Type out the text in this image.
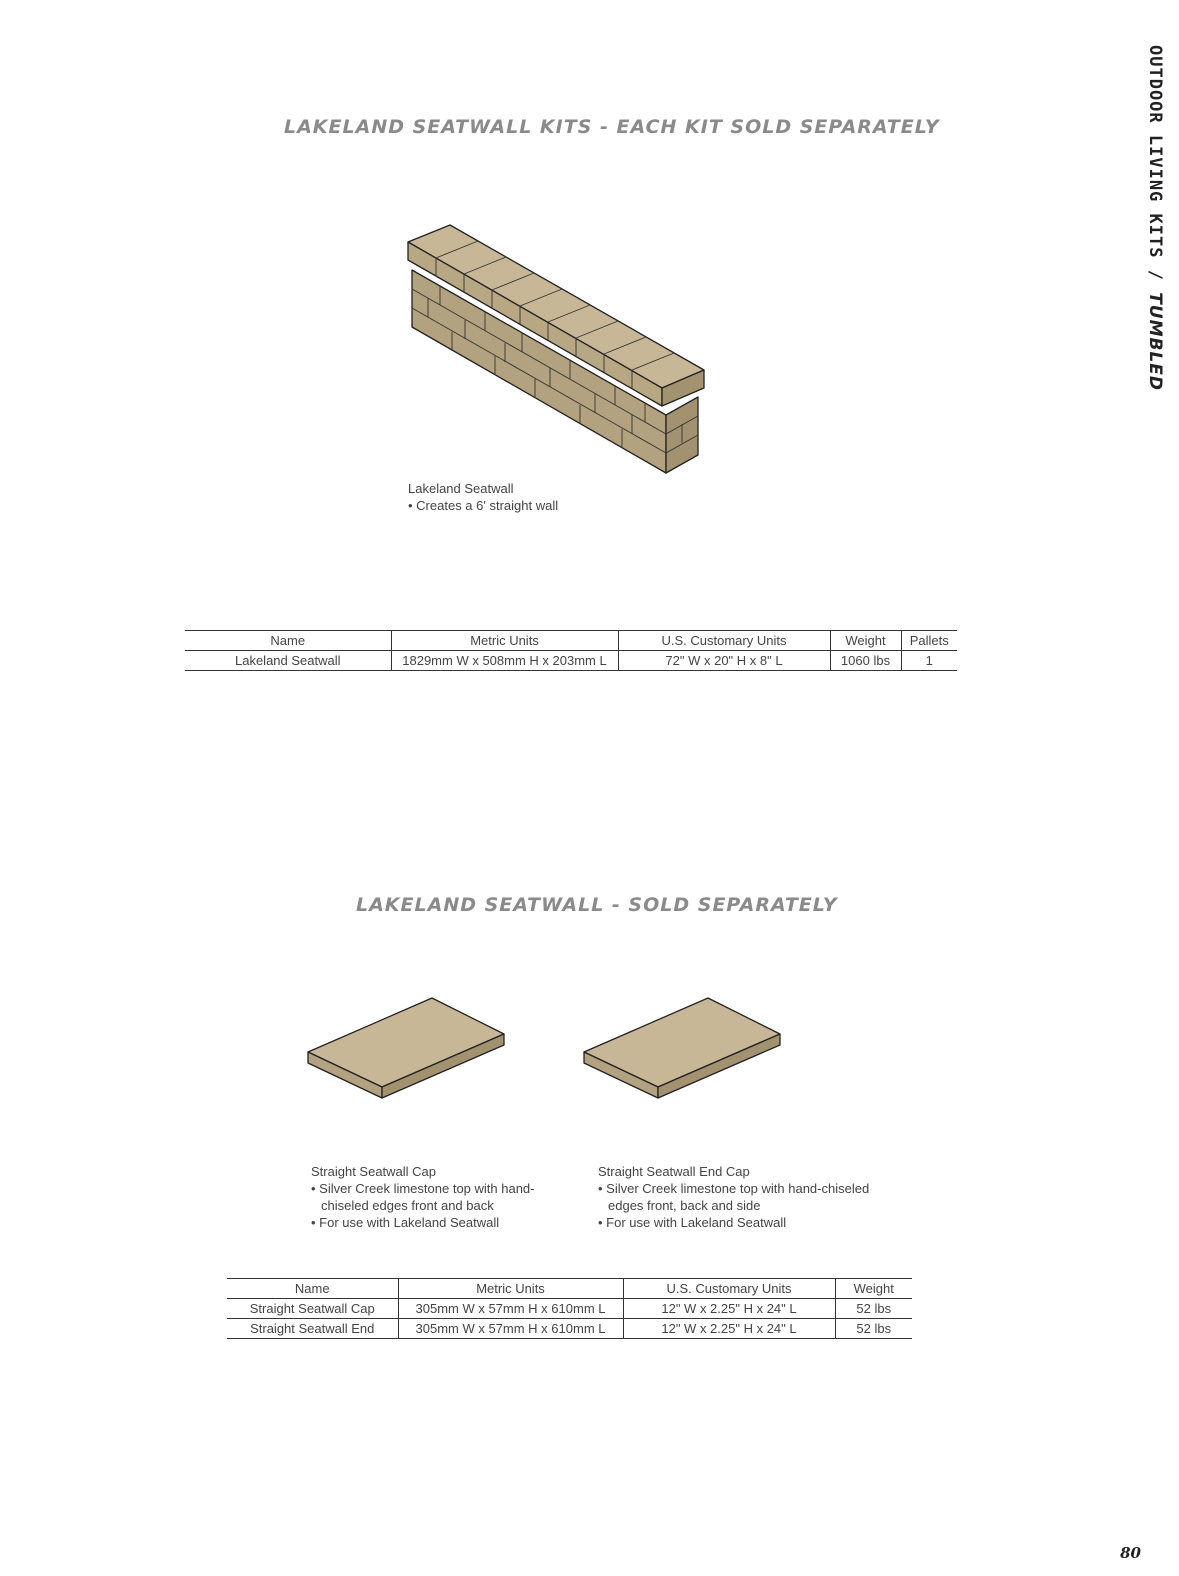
OUTDOOR LIVING KITS / TUMBLED
LAKELAND SEATWALL KITS - EACH KIT SOLD SEPARATELY
Lakeland Seatwall
• Creates a 6' straight wall
Name	Metric Units	U.S. Customary Units	Weight	Pallets
Lakeland Seatwall	1829mm W x 508mm H x 203mm L	72" W x 20" H x 8" L	1060 lbs	1
LAKELAND SEATWALL - SOLD SEPARATELY
Straight Seatwall Cap
• Silver Creek limestone top with hand-chiseled edges front and back
• For use with Lakeland Seatwall
Straight Seatwall End Cap
• Silver Creek limestone top with hand-chiseled edges front, back and side
• For use with Lakeland Seatwall
Name	Metric Units	U.S. Customary Units	Weight
Straight Seatwall Cap	305mm W x 57mm H x 610mm L	12" W x 2.25" H x 24" L	52 lbs
Straight Seatwall End	305mm W x 57mm H x 610mm L	12" W x 2.25" H x 24" L	52 lbs
80
